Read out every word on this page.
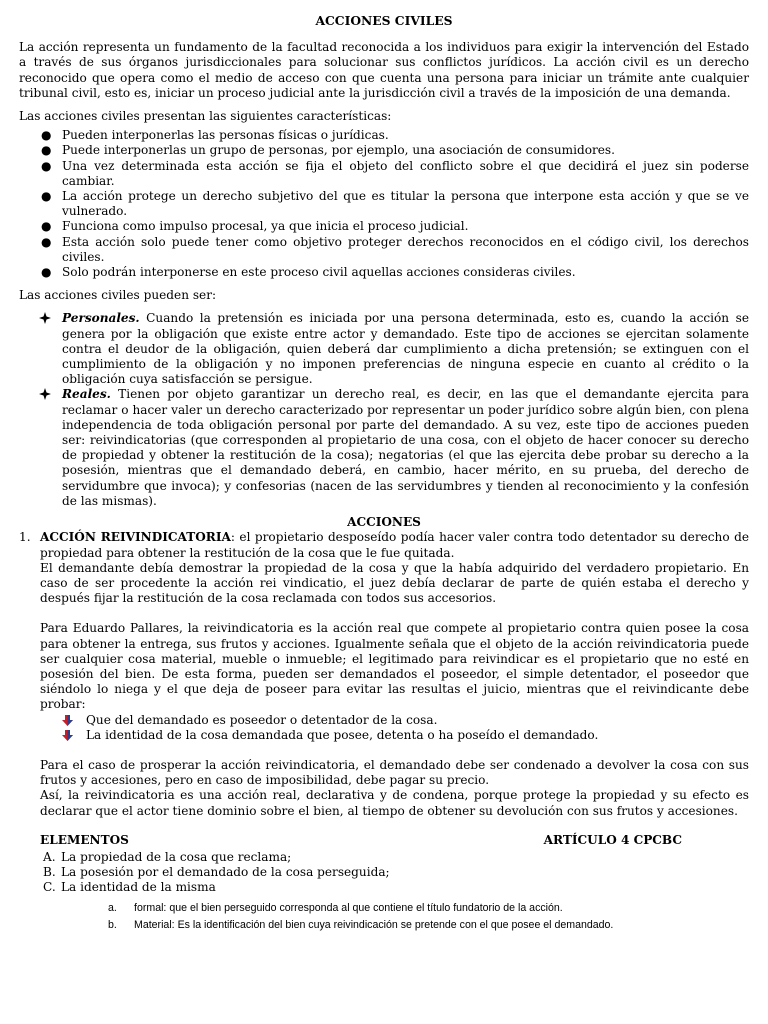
ACCIONES CIVILES

La acción representa un fundamento de la facultad reconocida a los individuos para exigir la intervención del Estado a través de sus órganos jurisdiccionales para solucionar sus conflictos jurídicos. La acción civil es un derecho reconocido que opera como el medio de acceso con que cuenta una persona para iniciar un trámite ante cualquier tribunal civil, esto es, iniciar un proceso judicial ante la jurisdicción civil a través de la imposición de una demanda.

Las acciones civiles presentan las siguientes características:

● Pueden interponerlas las personas físicas o jurídicas.
● Puede interponerlas un grupo de personas, por ejemplo, una asociación de consumidores.
● Una vez determinada esta acción se fija el objeto del conflicto sobre el que decidirá el juez sin poderse cambiar.
● La acción protege un derecho subjetivo del que es titular la persona que interpone esta acción y que se ve vulnerado.
● Funciona como impulso procesal, ya que inicia el proceso judicial.
● Esta acción solo puede tener como objetivo proteger derechos reconocidos en el código civil, los derechos civiles.
● Solo podrán interponerse en este proceso civil aquellas acciones consideras civiles.

Las acciones civiles pueden ser:

Personales. Cuando la pretensión es iniciada por una persona determinada, esto es, cuando la acción se genera por la obligación que existe entre actor y demandado. Este tipo de acciones se ejercitan solamente contra el deudor de la obligación, quien deberá dar cumplimiento a dicha pretensión; se extinguen con el cumplimiento de la obligación y no imponen preferencias de ninguna especie en cuanto al crédito o la obligación cuya satisfacción se persigue.
Reales. Tienen por objeto garantizar un derecho real, es decir, en las que el demandante ejercita para reclamar o hacer valer un derecho caracterizado por representar un poder jurídico sobre algún bien, con plena independencia de toda obligación personal por parte del demandado. A su vez, este tipo de acciones pueden ser: reivindicatorias (que corresponden al propietario de una cosa, con el objeto de hacer conocer su derecho de propiedad y obtener la restitución de la cosa); negatorias (el que las ejercita debe probar su derecho a la posesión, mientras que el demandado deberá, en cambio, hacer mérito, en su prueba, del derecho de servidumbre que invoca); y confesorias (nacen de las servidumbres y tienden al reconocimiento y la confesión de las mismas).
ACCIONES
1. ACCIÓN REIVINDICATORIA: el propietario desposeído podía hacer valer contra todo detentador su derecho de propiedad para obtener la restitución de la cosa que le fue quitada.

El demandante debía demostrar la propiedad de la cosa y que la había adquirido del verdadero propietario. En caso de ser procedente la acción rei vindicatio, el juez debía declarar de parte de quién estaba el derecho y después fijar la restitución de la cosa reclamada con todos sus accesorios.

Para Eduardo Pallares, la reivindicatoria es la acción real que compete al propietario contra quien posee la cosa para obtener la entrega, sus frutos y acciones. Igualmente señala que el objeto de la acción reivindicatoria puede ser cualquier cosa material, mueble o inmueble; el legitimado para reivindicar es el propietario que no esté en posesión del bien. De esta forma, pueden ser demandados el poseedor, el simple detentador, el poseedor que siéndolo lo niega y el que deja de poseer para evitar las resultas el juicio, mientras que el reivindicante debe probar:

Que del demandado es poseedor o detentador de la cosa.
La identidad de la cosa demandada que posee, detenta o ha poseído el demandado.

Para el caso de prosperar la acción reivindicatoria, el demandado debe ser condenado a devolver la cosa con sus frutos y accesiones, pero en caso de imposibilidad, debe pagar su precio.

Así, la reivindicatoria es una acción real, declarativa y de condena, porque protege la propiedad y su efecto es declarar que el actor tiene dominio sobre el bien, al tiempo de obtener su devolución con sus frutos y accesiones.

ELEMENTOS	ARTÍCULO 4 CPCBC
A. La propiedad de la cosa que reclama;
B. La posesión por el demandado de la cosa perseguida;
C. La identidad de la misma
a. formal: que el bien perseguido corresponda al que contiene el título fundatorio de la acción.
b. Material: Es la identificación del bien cuya reivindicación se pretende con el que posee el demandado.
